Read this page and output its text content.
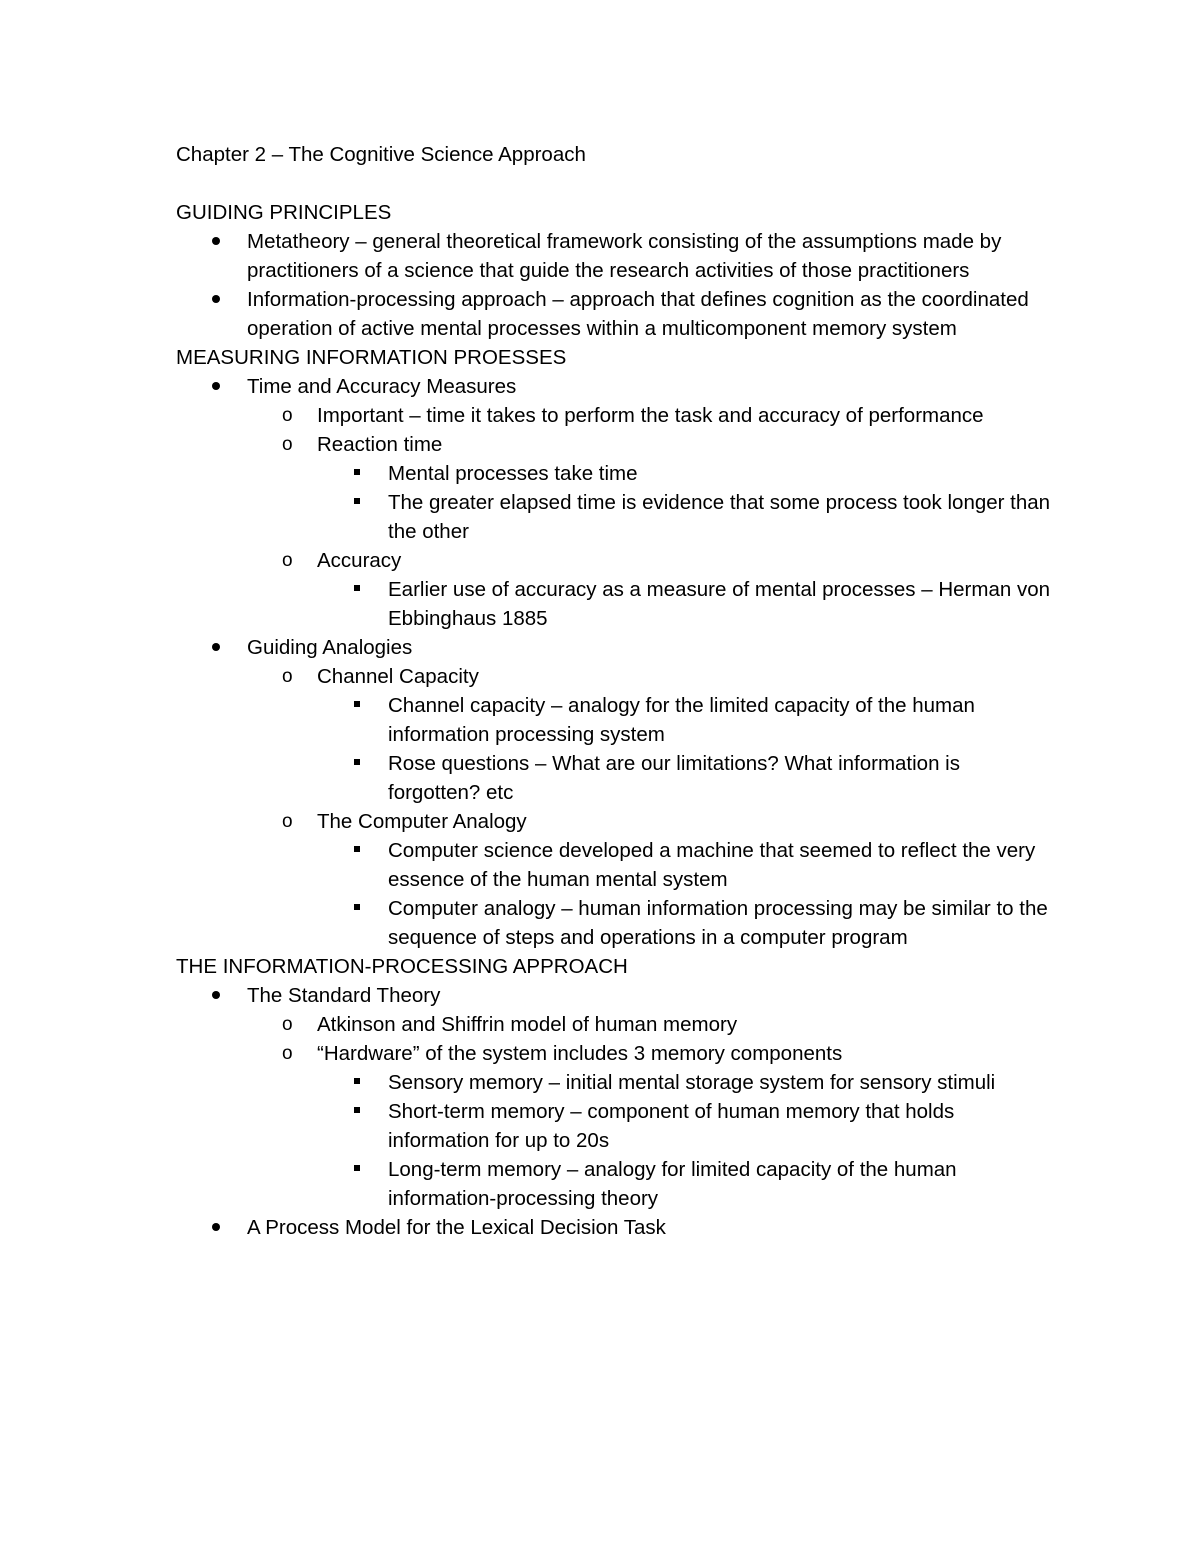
Chapter 2 – The Cognitive Science Approach

GUIDING PRINCIPLES

Metatheory – general theoretical framework consisting of the assumptions made by practitioners of a science that guide the research activities of those practitioners
Information-processing approach – approach that defines cognition as the coordinated operation of active mental processes within a multicomponent memory system

MEASURING INFORMATION PROESSES

Time and Accuracy Measures
o Important – time it takes to perform the task and accuracy of performance
o Reaction time
Mental processes take time
The greater elapsed time is evidence that some process took longer than the other
o Accuracy
Earlier use of accuracy as a measure of mental processes – Herman von Ebbinghaus 1885
Guiding Analogies
o Channel Capacity
Channel capacity – analogy for the limited capacity of the human information processing system
Rose questions – What are our limitations? What information is forgotten? etc
o The Computer Analogy
Computer science developed a machine that seemed to reflect the very essence of the human mental system
Computer analogy – human information processing may be similar to the sequence of steps and operations in a computer program

THE INFORMATION-PROCESSING APPROACH

The Standard Theory
o Atkinson and Shiffrin model of human memory
o “Hardware” of the system includes 3 memory components
Sensory memory – initial mental storage system for sensory stimuli
Short-term memory – component of human memory that holds information for up to 20s
Long-term memory – analogy for limited capacity of the human information-processing theory
A Process Model for the Lexical Decision Task
